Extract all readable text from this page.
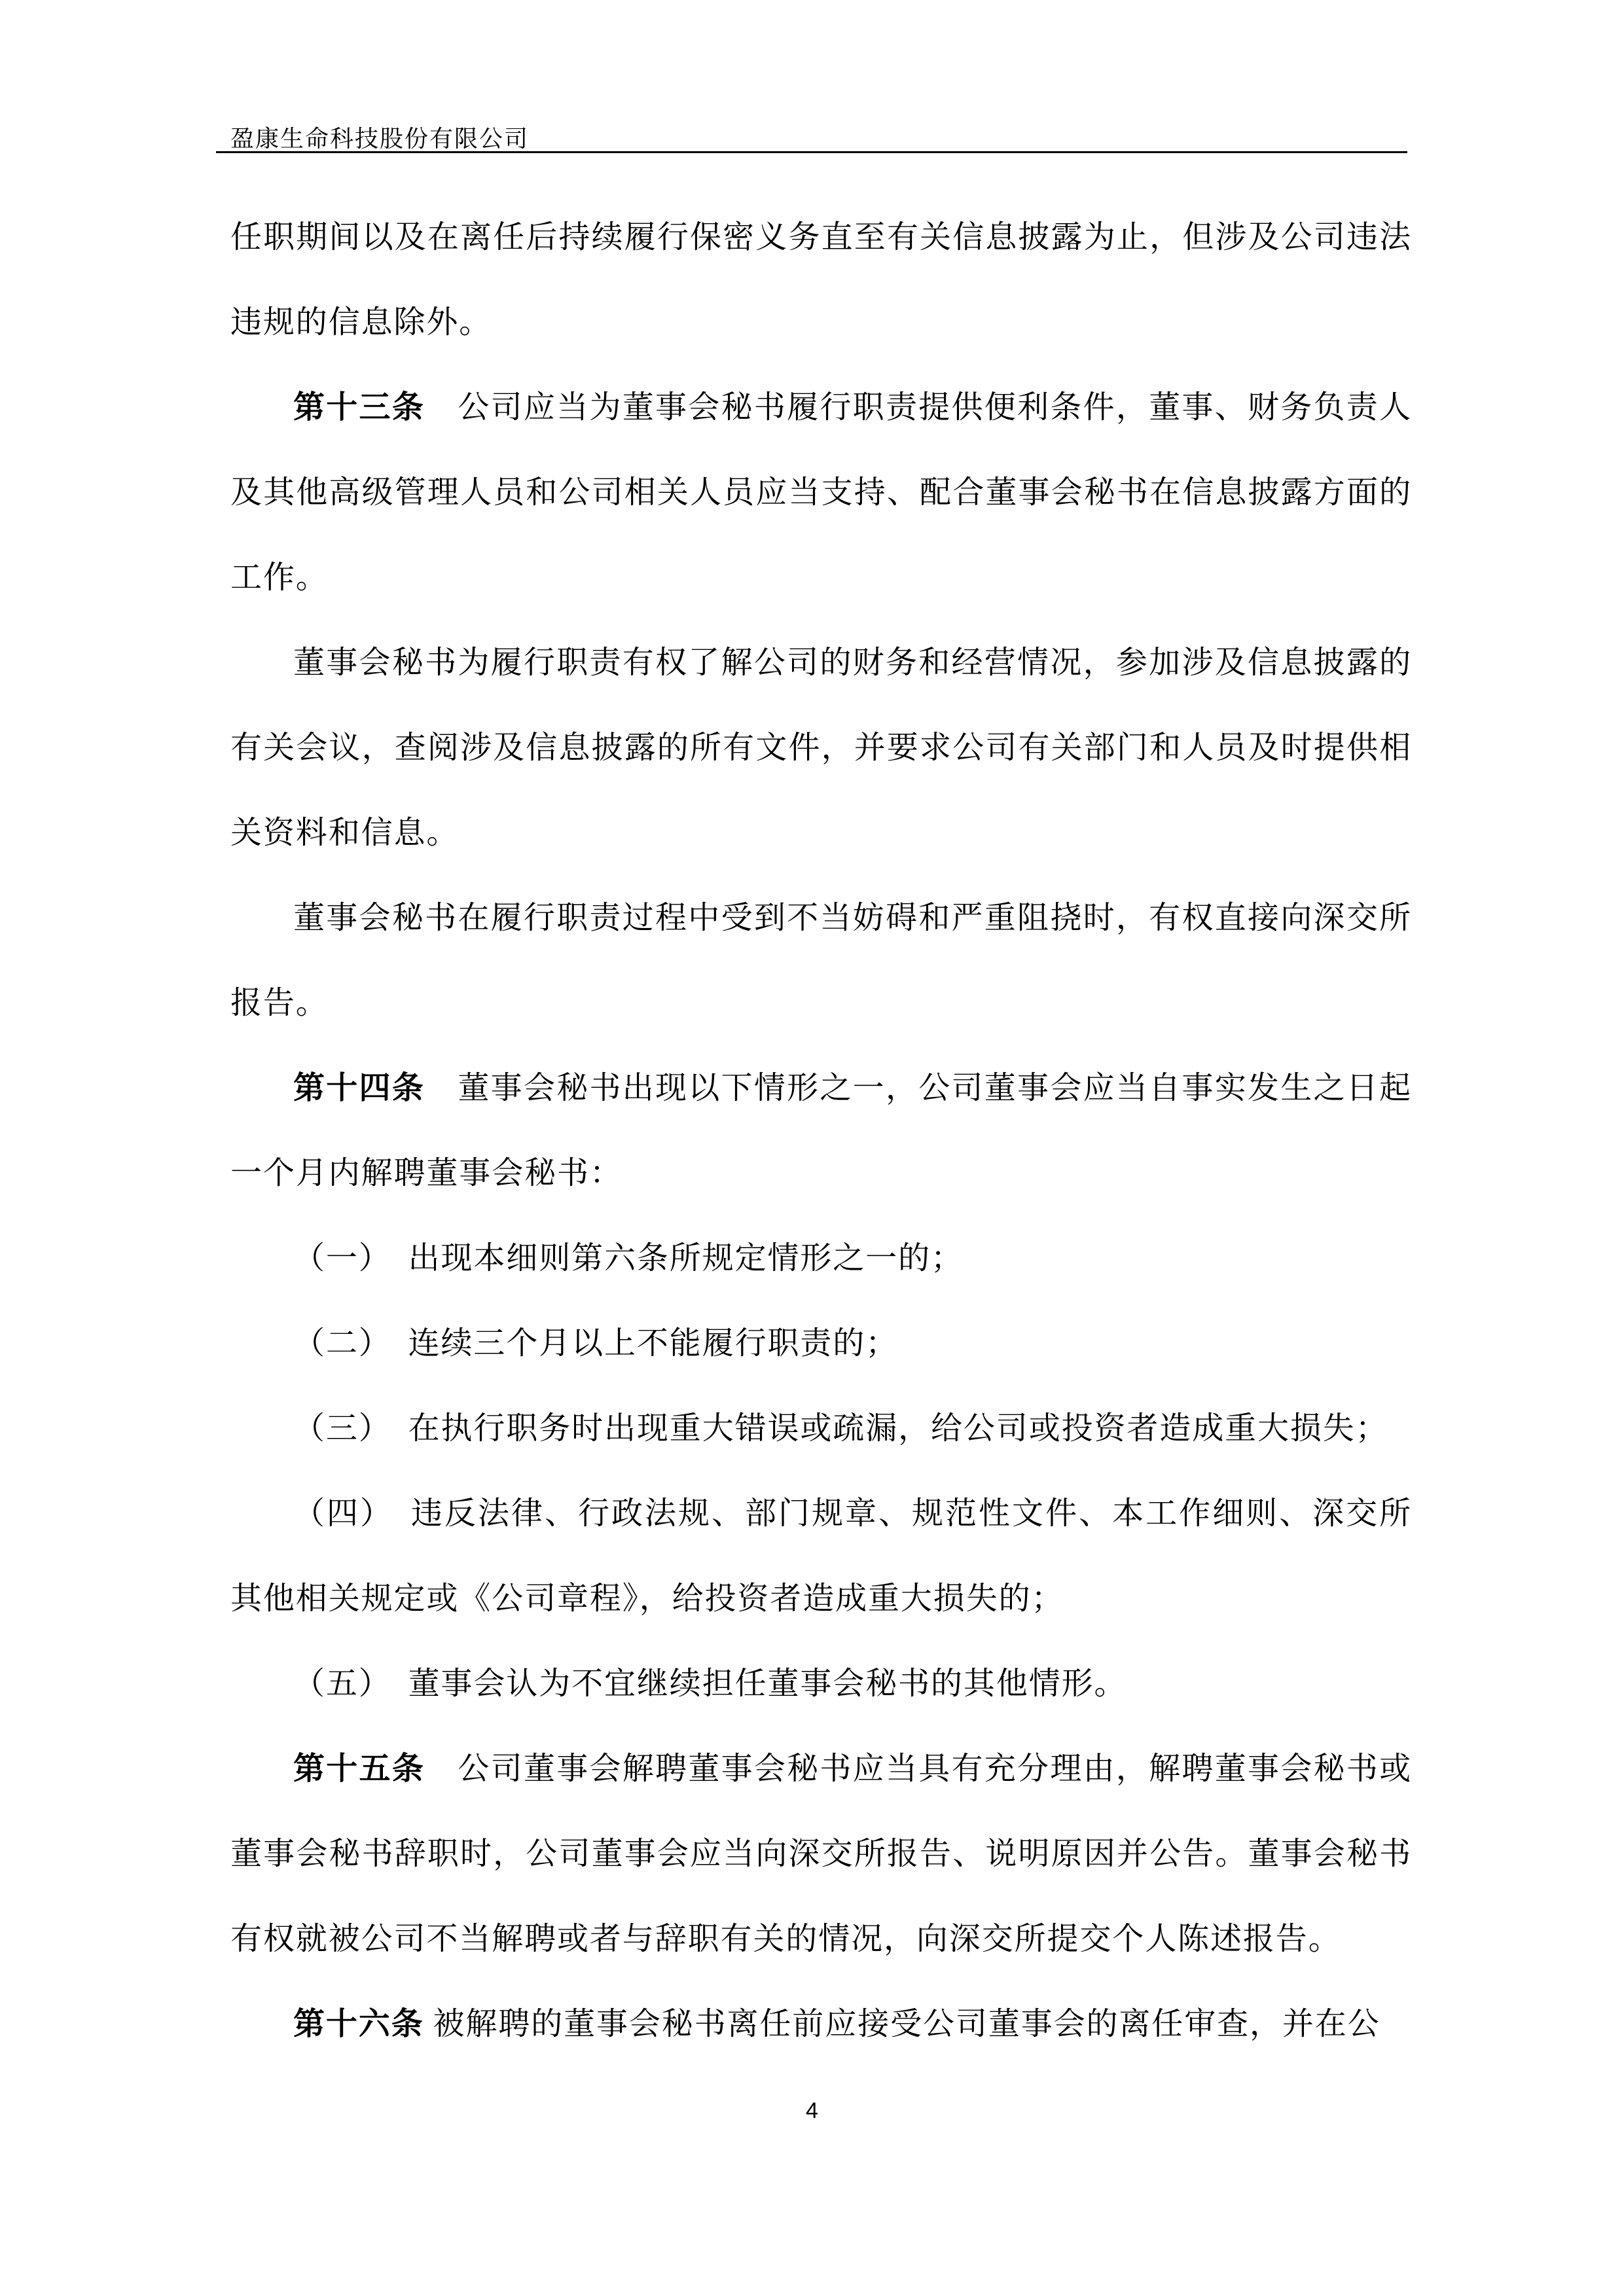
盈康生命科技股份有限公司

任职期间以及在离任后持续履行保密义务直至有关信息披露为止，但涉及公司违法违规的信息除外。

第十三条　公司应当为董事会秘书履行职责提供便利条件，董事、财务负责人及其他高级管理人员和公司相关人员应当支持、配合董事会秘书在信息披露方面的工作。

董事会秘书为履行职责有权了解公司的财务和经营情况，参加涉及信息披露的有关会议，查阅涉及信息披露的所有文件，并要求公司有关部门和人员及时提供相关资料和信息。

董事会秘书在履行职责过程中受到不当妨碍和严重阻挠时，有权直接向深交所报告。

第十四条　董事会秘书出现以下情形之一，公司董事会应当自事实发生之日起一个月内解聘董事会秘书：

（一）　出现本细则第六条所规定情形之一的；

（二）　连续三个月以上不能履行职责的；

（三）　在执行职务时出现重大错误或疏漏，给公司或投资者造成重大损失；

（四）　违反法律、行政法规、部门规章、规范性文件、本工作细则、深交所其他相关规定或《公司章程》，给投资者造成重大损失的；

（五）　董事会认为不宜继续担任董事会秘书的其他情形。

第十五条　公司董事会解聘董事会秘书应当具有充分理由，解聘董事会秘书或董事会秘书辞职时，公司董事会应当向深交所报告、说明原因并公告。董事会秘书有权就被公司不当解聘或者与辞职有关的情况，向深交所提交个人陈述报告。

第十六条 被解聘的董事会秘书离任前应接受公司董事会的离任审查，并在公

4
